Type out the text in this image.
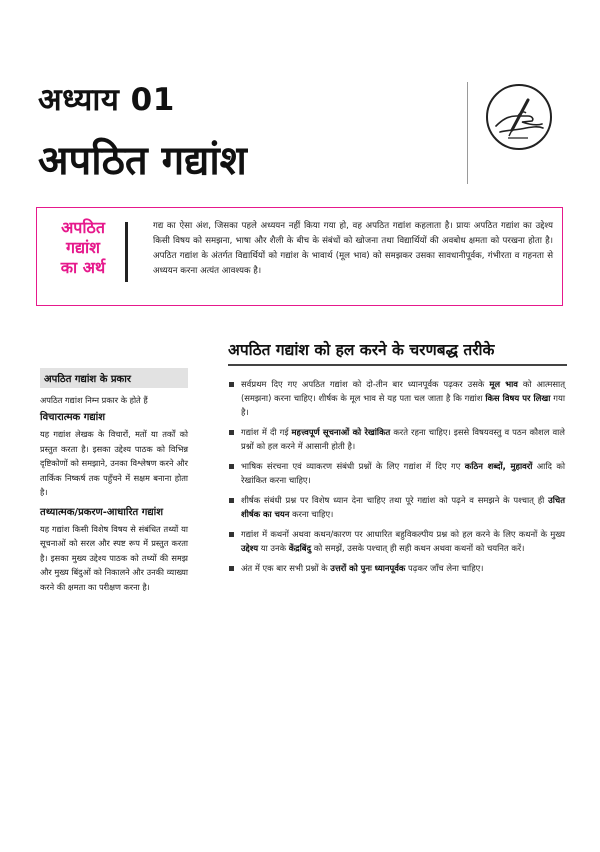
अध्याय 01
अपठित गद्यांश
अपठित
गद्यांश
का अर्थ
गद्य का ऐसा अंश, जिसका पहले अध्ययन नहीं किया गया हो, वह अपठित गद्यांश कहलाता है। प्रायः अपठित गद्यांश का उद्देश्य किसी विषय को समझना, भाषा और शैली के बीच के संबंधों को खोजना तथा विद्यार्थियों की अवबोध क्षमता को परखना होता है। अपठित गद्यांश के अंतर्गत विद्यार्थियों को गद्यांश के भावार्थ (मूल भाव) को समझकर उसका सावधानीपूर्वक, गंभीरता व गहनता से अध्ययन करना अत्यंत आवश्यक है।
अपठित गद्यांश के प्रकार

अपठित गद्यांश निम्न प्रकार के होते हैं

विचारात्मक गद्यांश

यह गद्यांश लेखक के विचारों, मतों या तर्कों को प्रस्तुत करता है। इसका उद्देश्य पाठक को विभिन्न दृष्टिकोणों को समझाने, उनका विश्लेषण करने और तार्किक निष्कर्ष तक पहुँचने में सक्षम बनाना होता है।

तथ्यात्मक/प्रकरण-आधारित गद्यांश

यह गद्यांश किसी विशेष विषय से संबंधित तथ्यों या सूचनाओं को सरल और स्पष्ट रूप में प्रस्तुत करता है। इसका मुख्य उद्देश्य पाठक को तथ्यों की समझ और मुख्य बिंदुओं को निकालने और उनकी व्याख्या करने की क्षमता का परीक्षण करना है।

अपठित गद्यांश को हल करने के चरणबद्ध तरीके
सर्वप्रथम दिए गए अपठित गद्यांश को दो-तीन बार ध्यानपूर्वक पढ़कर उसके मूल भाव को आत्मसात् (समझना) करना चाहिए। शीर्षक के मूल भाव से यह पता चल जाता है कि गद्यांश किस विषय पर लिखा गया है।
गद्यांश में दी गई महत्त्वपूर्ण सूचनाओं को रेखांकित करते रहना चाहिए। इससे विषयवस्तु व पठन कौशल वाले प्रश्नों को हल करने में आसानी होती है।
भाषिक संरचना एवं व्याकरण संबंधी प्रश्नों के लिए गद्यांश में दिए गए कठिन शब्दों, मुहावरों आदि को रेखांकित करना चाहिए।
शीर्षक संबंधी प्रश्न पर विशेष ध्यान देना चाहिए तथा पूरे गद्यांश को पढ़ने व समझने के पश्चात् ही उचित शीर्षक का चयन करना चाहिए।
गद्यांश में कथनों अथवा कथन/कारण पर आधारित बहुविकल्पीय प्रश्न को हल करने के लिए कथनों के मुख्य उद्देश्य या उनके केंद्रबिंदु को समझें, उसके पश्चात् ही सही कथन अथवा कथनों को चयनित करें।
अंत में एक बार सभी प्रश्नों के उत्तरों को पुनः ध्यानपूर्वक पढ़कर जाँच लेना चाहिए।
